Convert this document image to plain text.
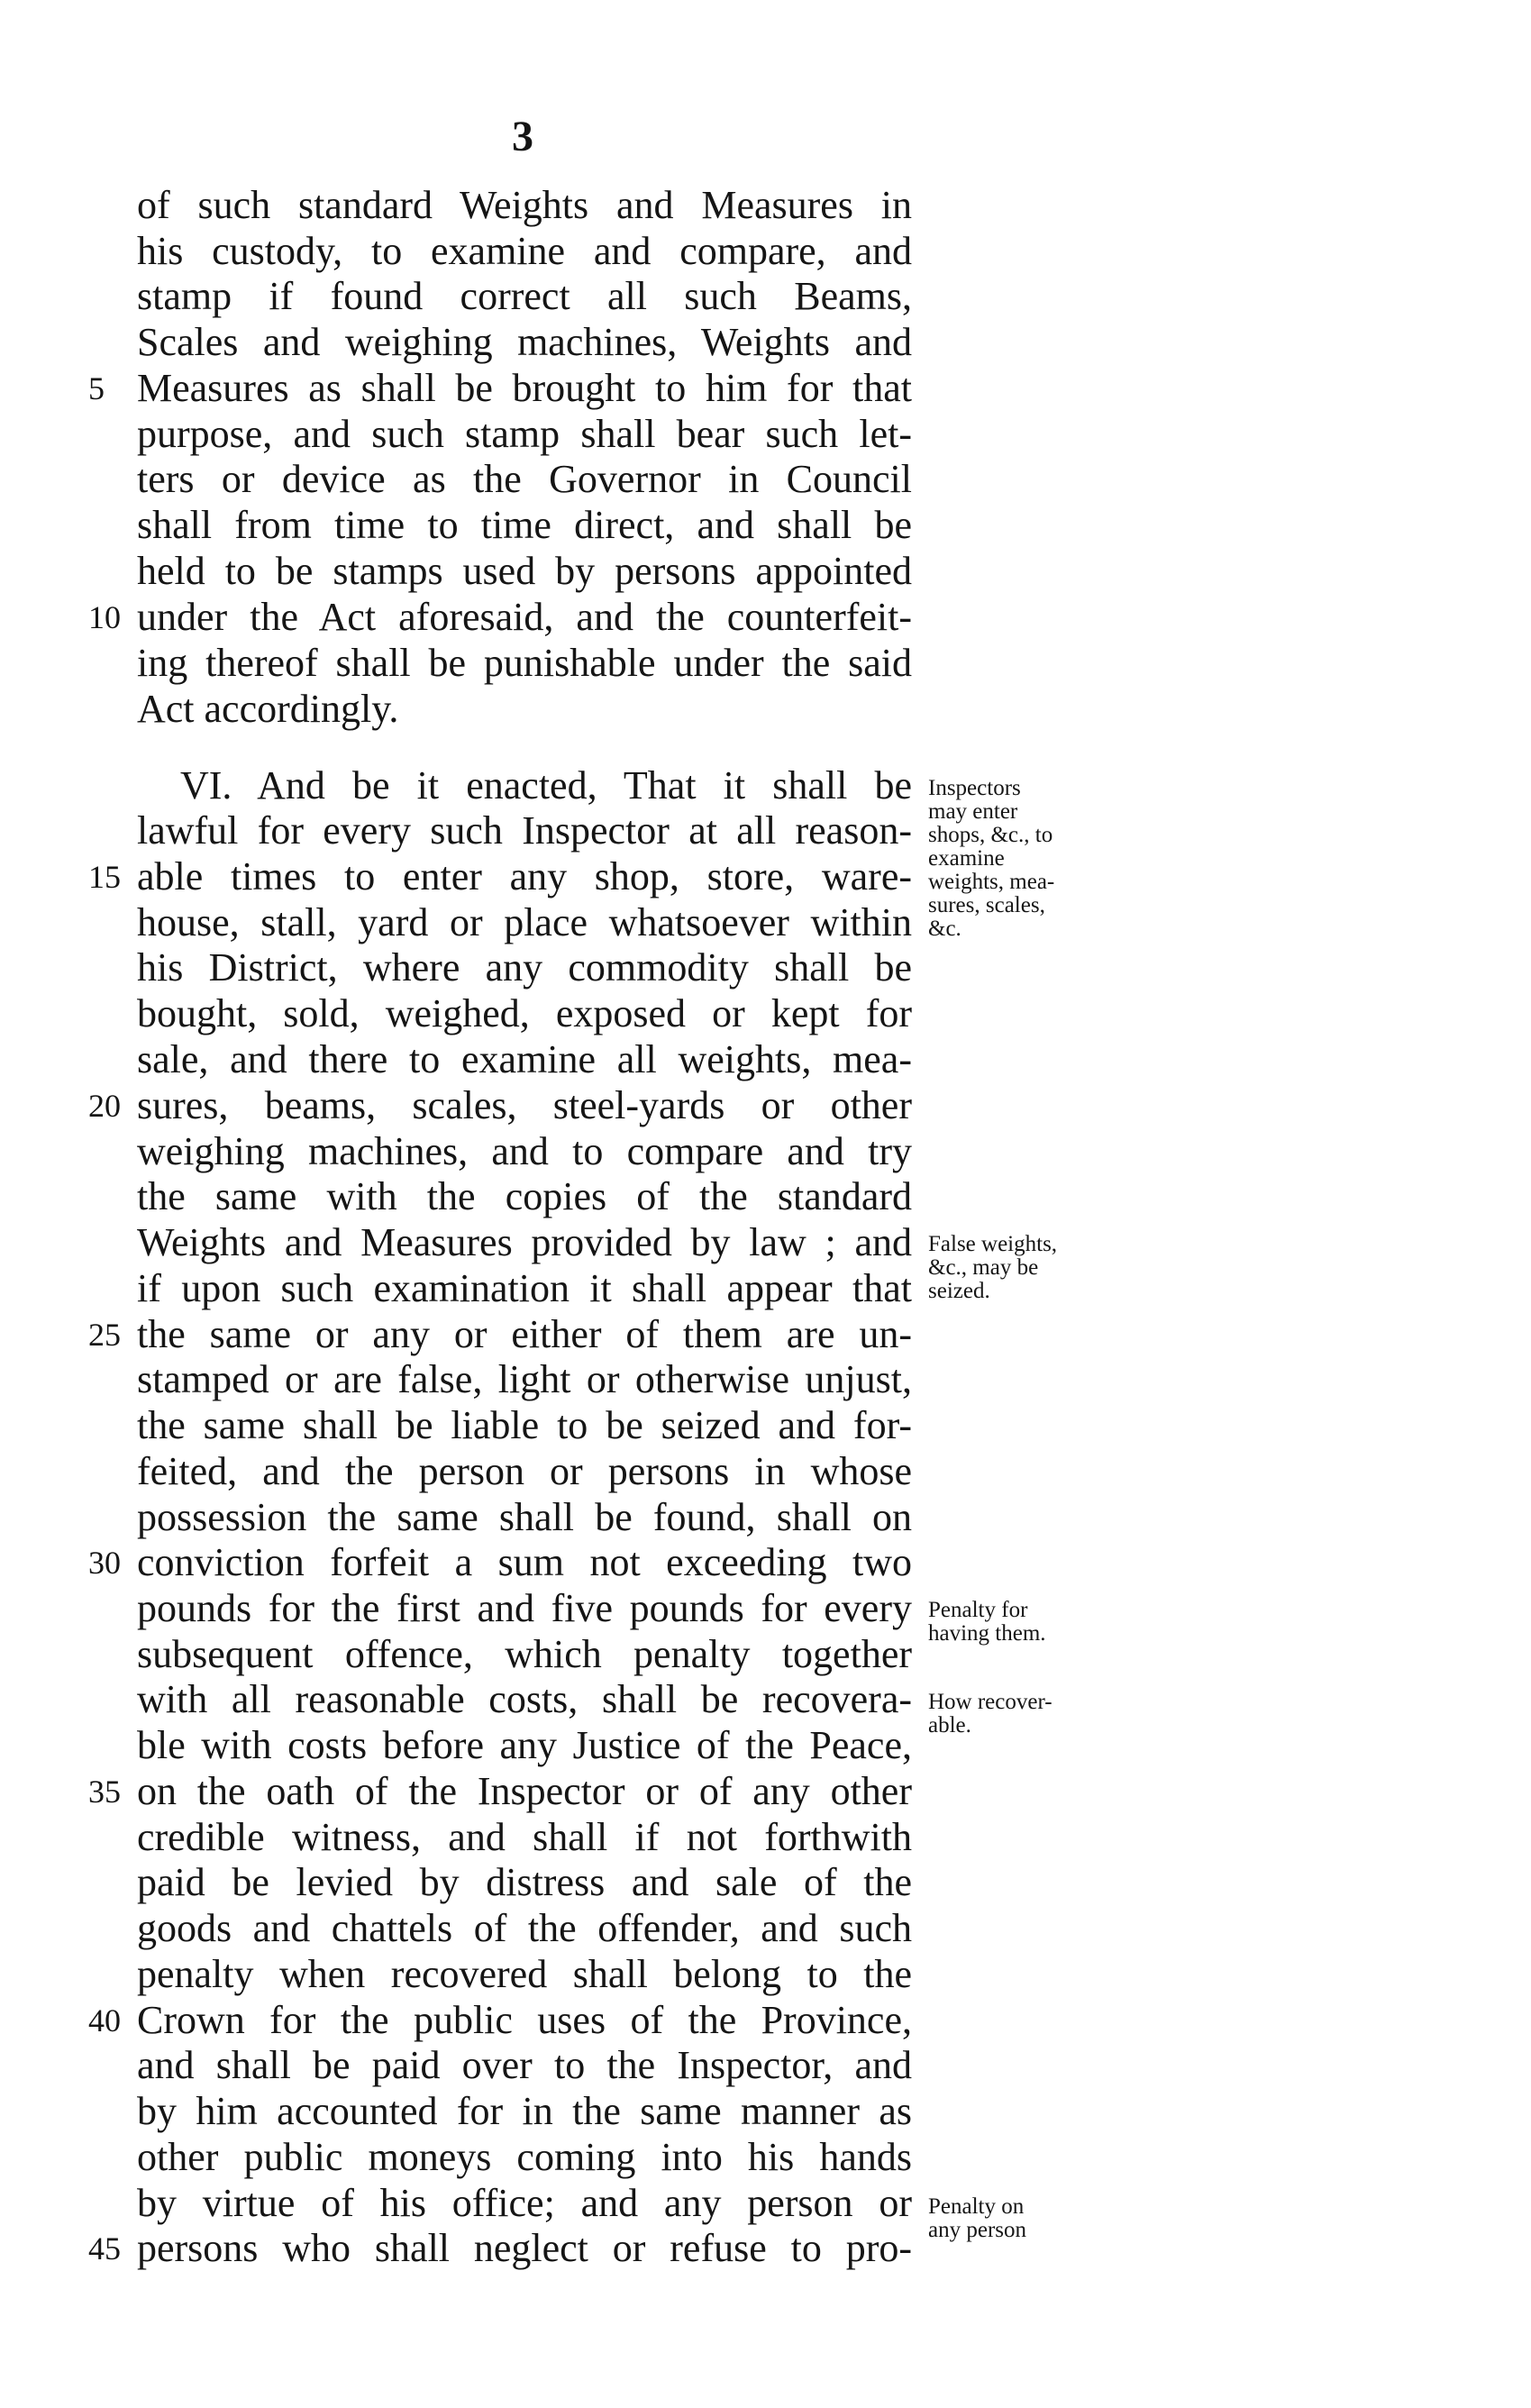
3
of such standard Weights and Measures in
his custody, to examine and compare, and
stamp if found correct all such Beams,
Scales and weighing machines, Weights and
Measures as shall be brought to him for that
5
purpose, and such stamp shall bear such let-
ters or device as the Governor in Council
shall from time to time direct, and shall be
held to be stamps used by persons appointed
under the Act aforesaid, and the counterfeit-
10
ing thereof shall be punishable under the said
Act accordingly.
VI. And be it enacted, That it shall be
lawful for every such Inspector at all reason-
able times to enter any shop, store, ware-
15
house, stall, yard or place whatsoever within
his District, where any commodity shall be
bought, sold, weighed, exposed or kept for
sale, and there to examine all weights, mea-
sures, beams, scales, steel-yards or other
20
weighing machines, and to compare and try
the same with the copies of the standard
Weights and Measures provided by law ; and
if upon such examination it shall appear that
the same or any or either of them are un-
25
stamped or are false, light or otherwise unjust,
the same shall be liable to be seized and for-
feited, and the person or persons in whose
possession the same shall be found, shall on
conviction forfeit a sum not exceeding two
30
pounds for the first and five pounds for every
subsequent offence, which penalty together
with all reasonable costs, shall be recovera-
ble with costs before any Justice of the Peace,
on the oath of the Inspector or of any other
35
credible witness, and shall if not forthwith
paid be levied by distress and sale of the
goods and chattels of the offender, and such
penalty when recovered shall belong to the
Crown for the public uses of the Province,
40
and shall be paid over to the Inspector, and
by him accounted for in the same manner as
other public moneys coming into his hands
by virtue of his office; and any person or
persons who shall neglect or refuse to pro-
45
Inspectors
may enter
shops, &c., to
examine
weights, mea-
sures, scales,
&c.
False weights,
&c., may be
seized.
Penalty for
having them.
How recover-
able.
Penalty on
any person
